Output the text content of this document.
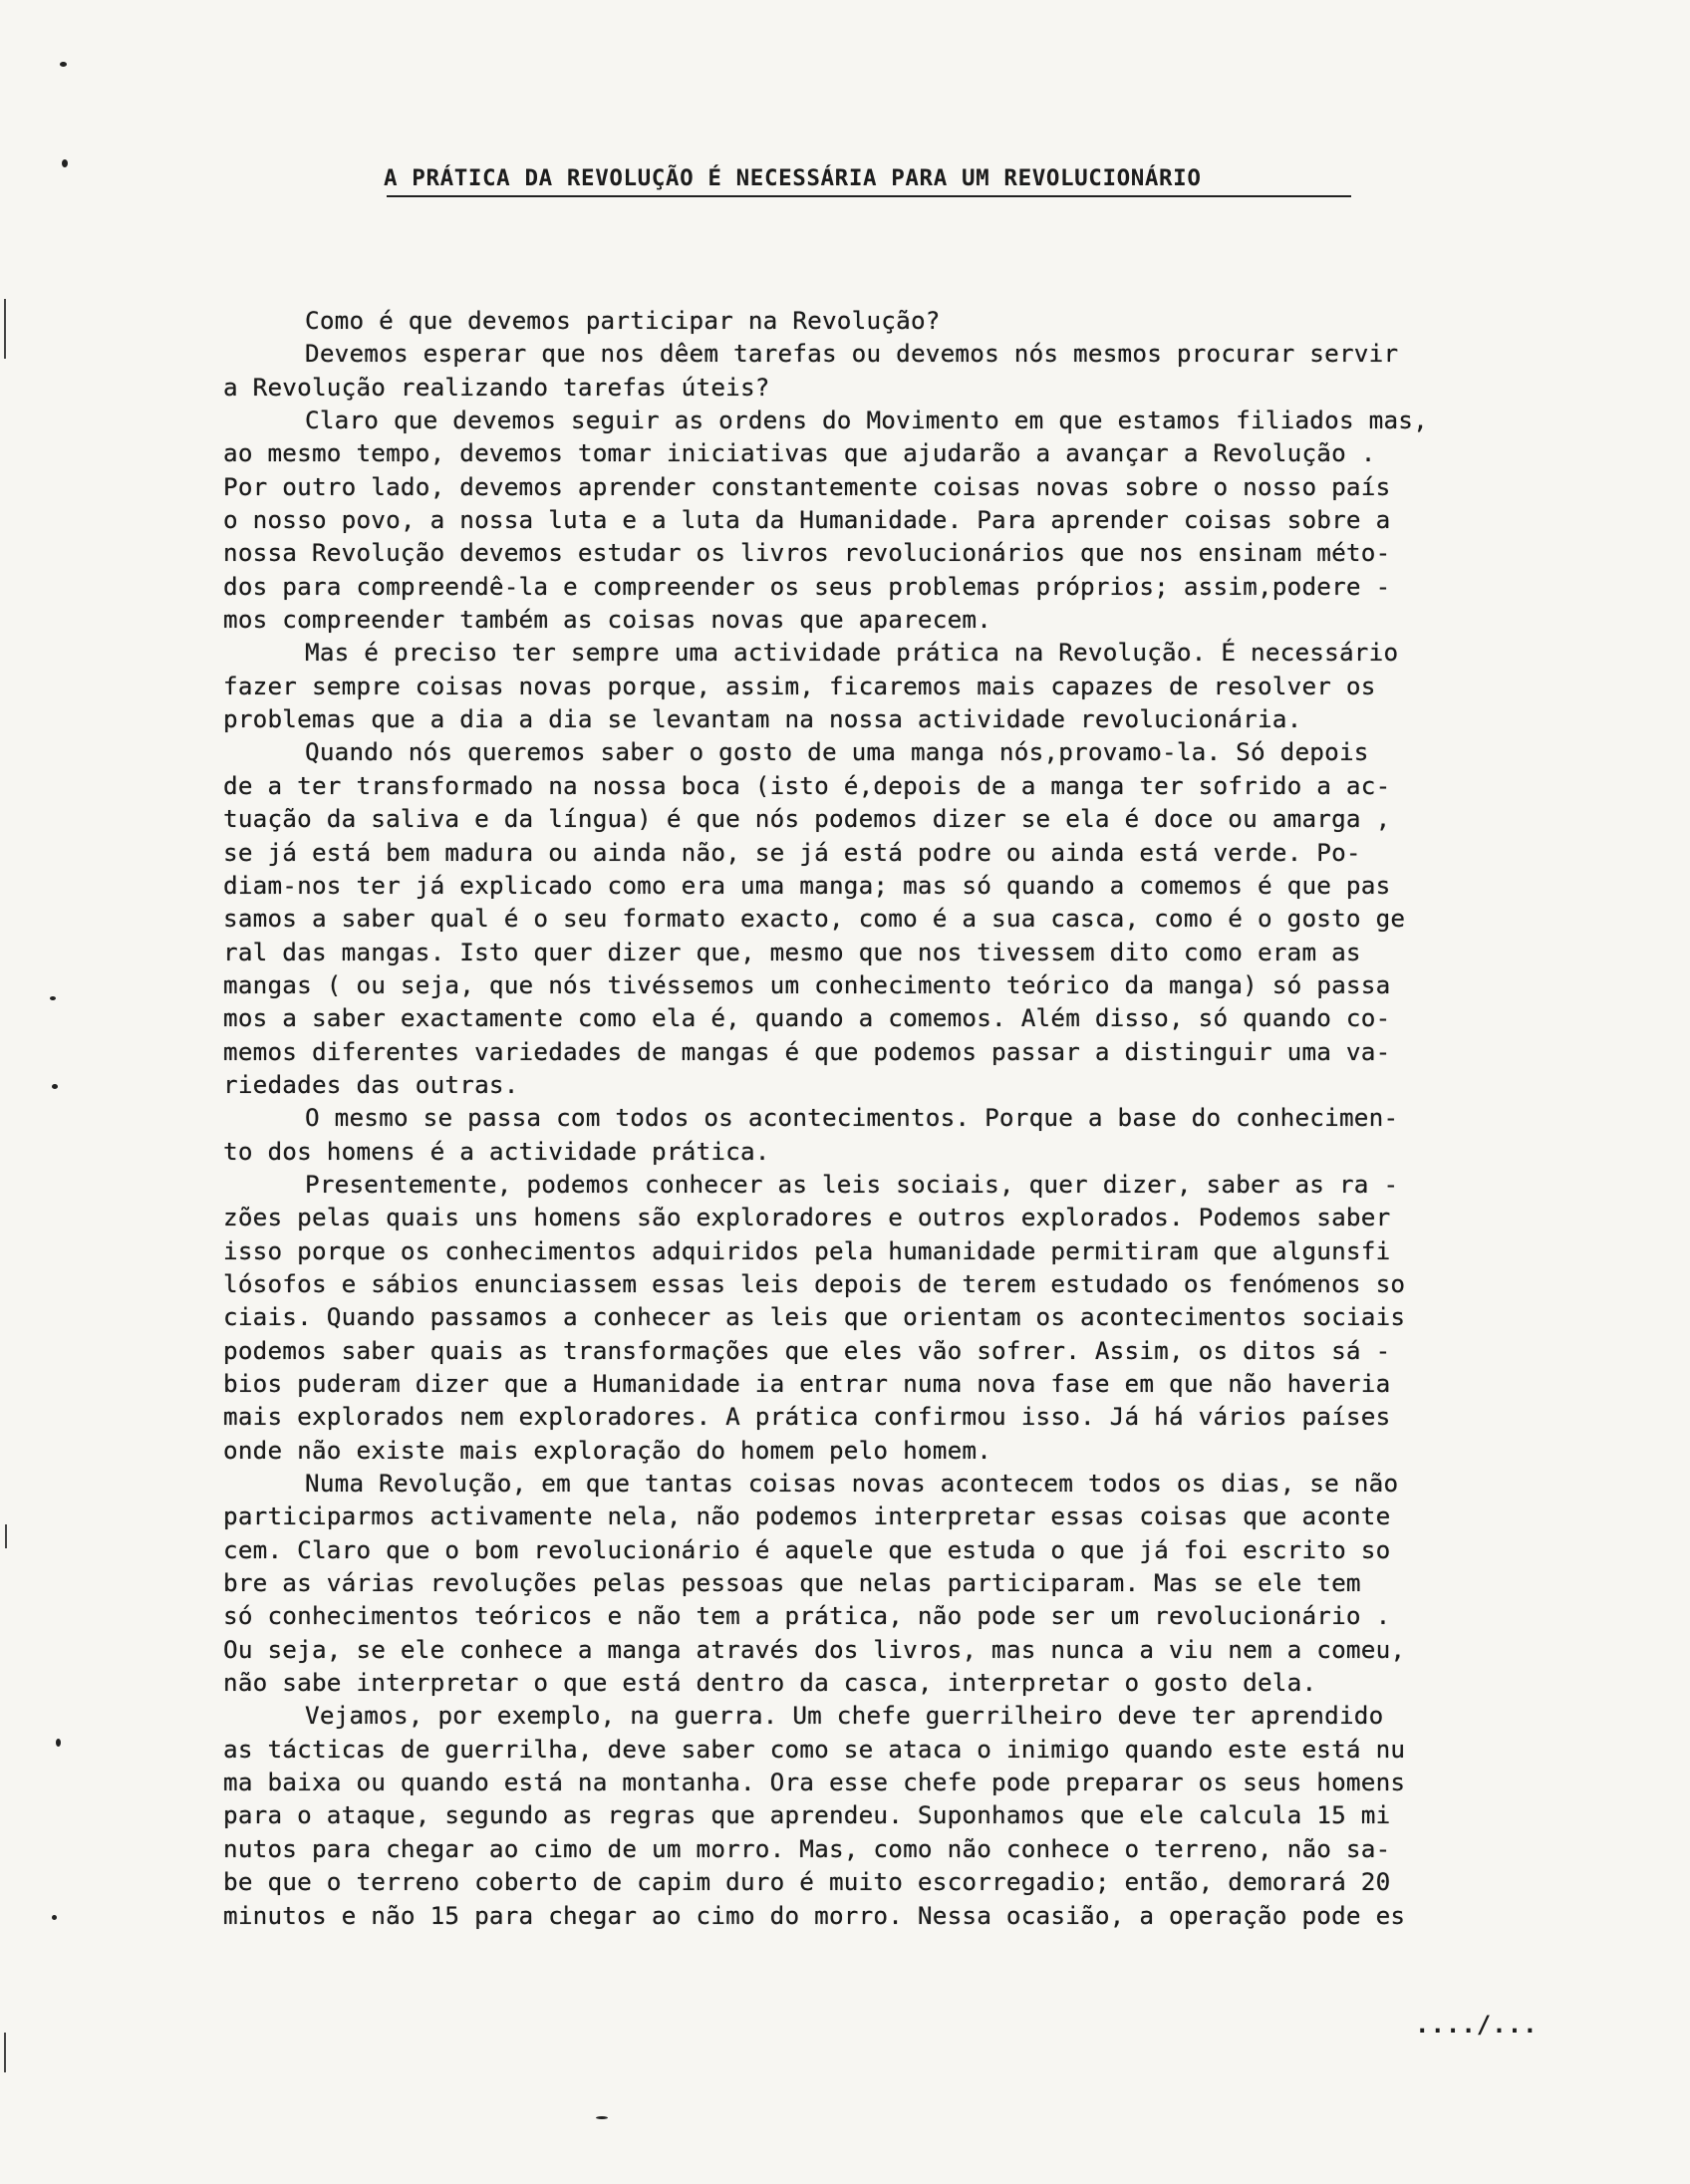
A PRÁTICA DA REVOLUÇÃO É NECESSÁRIA PARA UM REVOLUCIONÁRIO
Como é que devemos participar na Revolução?
Devemos esperar que nos dêem tarefas ou devemos nós mesmos procurar servir
a Revolução realizando tarefas úteis?
Claro que devemos seguir as ordens do Movimento em que estamos filiados mas,
ao mesmo tempo, devemos tomar iniciativas que ajudarão a avançar a Revolução .
Por outro lado, devemos aprender constantemente coisas novas sobre o nosso país
o nosso povo, a nossa luta e a luta da Humanidade. Para aprender coisas sobre a
nossa Revolução devemos estudar os livros revolucionários que nos ensinam méto-
dos para compreendê-la e compreender os seus problemas próprios; assim,podere -
mos compreender também as coisas novas que aparecem.
Mas é preciso ter sempre uma actividade prática na Revolução. É necessário
fazer sempre coisas novas porque, assim, ficaremos mais capazes de resolver os
problemas que a dia a dia se levantam na nossa actividade revolucionária.
Quando nós queremos saber o gosto de uma manga nós,provamo-la. Só depois
de a ter transformado na nossa boca (isto é,depois de a manga ter sofrido a ac-
tuação da saliva e da língua) é que nós podemos dizer se ela é doce ou amarga ,
se já está bem madura ou ainda não, se já está podre ou ainda está verde. Po-
diam-nos ter já explicado como era uma manga; mas só quando a comemos é que pas
samos a saber qual é o seu formato exacto, como é a sua casca, como é o gosto ge
ral das mangas. Isto quer dizer que, mesmo que nos tivessem dito como eram as
mangas ( ou seja, que nós tivéssemos um conhecimento teórico da manga) só passa
mos a saber exactamente como ela é, quando a comemos. Além disso, só quando co-
memos diferentes variedades de mangas é que podemos passar a distinguir uma va-
riedades das outras.
O mesmo se passa com todos os acontecimentos. Porque a base do conhecimen-
to dos homens é a actividade prática.
Presentemente, podemos conhecer as leis sociais, quer dizer, saber as ra -
zões pelas quais uns homens são exploradores e outros explorados. Podemos saber
isso porque os conhecimentos adquiridos pela humanidade permitiram que algunsfi
lósofos e sábios enunciassem essas leis depois de terem estudado os fenómenos so
ciais. Quando passamos a conhecer as leis que orientam os acontecimentos sociais
podemos saber quais as transformações que eles vão sofrer. Assim, os ditos sá -
bios puderam dizer que a Humanidade ia entrar numa nova fase em que não haveria
mais explorados nem exploradores. A prática confirmou isso. Já há vários países
onde não existe mais exploração do homem pelo homem.
Numa Revolução, em que tantas coisas novas acontecem todos os dias, se não
participarmos activamente nela, não podemos interpretar essas coisas que aconte
cem. Claro que o bom revolucionário é aquele que estuda o que já foi escrito so
bre as várias revoluções pelas pessoas que nelas participaram. Mas se ele tem
só conhecimentos teóricos e não tem a prática, não pode ser um revolucionário .
Ou seja, se ele conhece a manga através dos livros, mas nunca a viu nem a comeu,
não sabe interpretar o que está dentro da casca, interpretar o gosto dela.
Vejamos, por exemplo, na guerra. Um chefe guerrilheiro deve ter aprendido
as tácticas de guerrilha, deve saber como se ataca o inimigo quando este está nu
ma baixa ou quando está na montanha. Ora esse chefe pode preparar os seus homens
para o ataque, segundo as regras que aprendeu. Suponhamos que ele calcula 15 mi
nutos para chegar ao cimo de um morro. Mas, como não conhece o terreno, não sa-
be que o terreno coberto de capim duro é muito escorregadio; então, demorará 20
minutos e não 15 para chegar ao cimo do morro. Nessa ocasião, a operação pode es
..../...
